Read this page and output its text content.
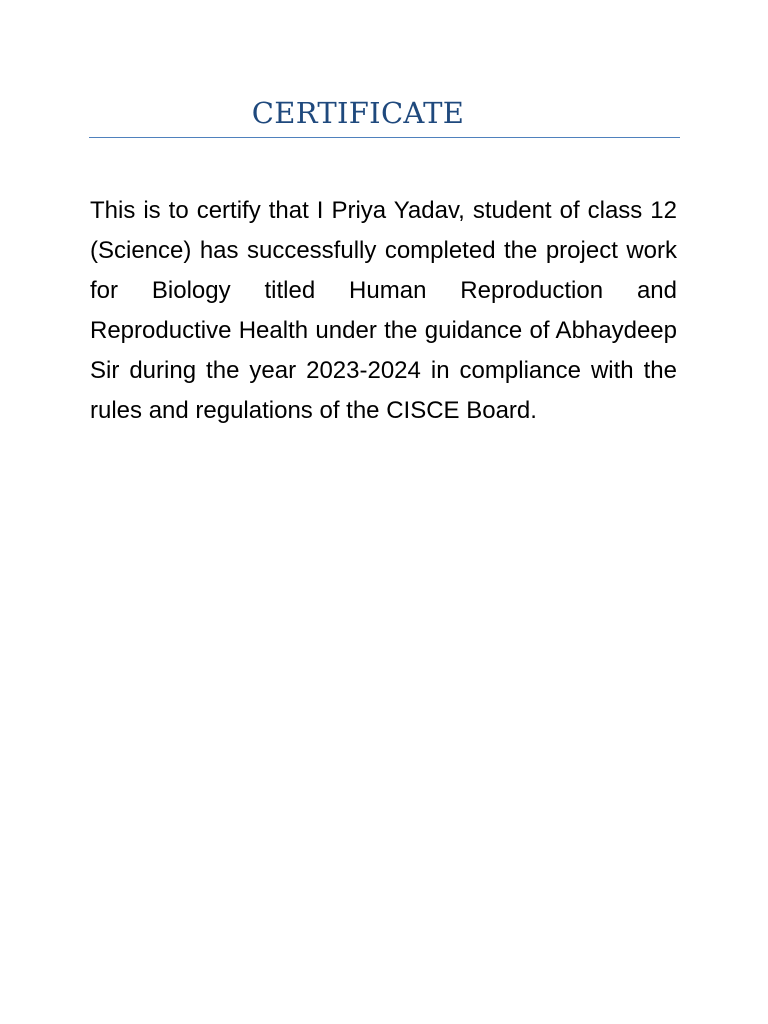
CERTIFICATE

This is to certify that I Priya Yadav, student of class 12 (Science) has successfully completed the project work for Biology titled Human Reproduction and Reproductive Health under the guidance of Abhaydeep Sir during the year 2023-2024 in compliance with the rules and regulations of the CISCE Board.
